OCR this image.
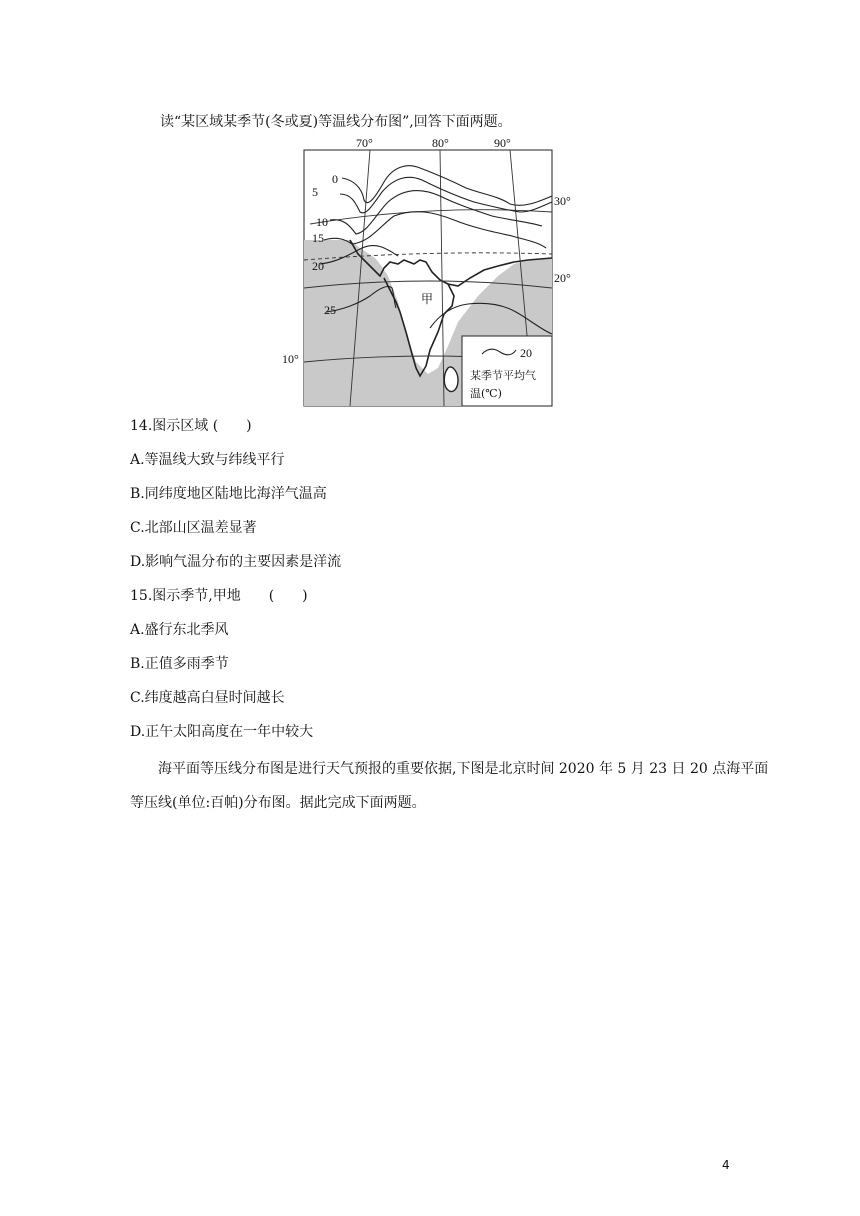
读“某区域某季节(冬或夏)等温线分布图”,回答下面两题。
70°	80°	90°
30°
20°
10°
0
5
10
15
20
25
甲
20
某季节平均气
温(℃)
14.图示区域 (　　)
A.等温线大致与纬线平行
B.同纬度地区陆地比海洋气温高
C.北部山区温差显著
D.影响气温分布的主要因素是洋流
15.图示季节,甲地　　(　　)
A.盛行东北季风
B.正值多雨季节
C.纬度越高白昼时间越长
D.正午太阳高度在一年中较大
海平面等压线分布图是进行天气预报的重要依据,下图是北京时间 2020 年 5 月 23 日 20 点海平面等压线(单位:百帕)分布图。据此完成下面两题。
4
